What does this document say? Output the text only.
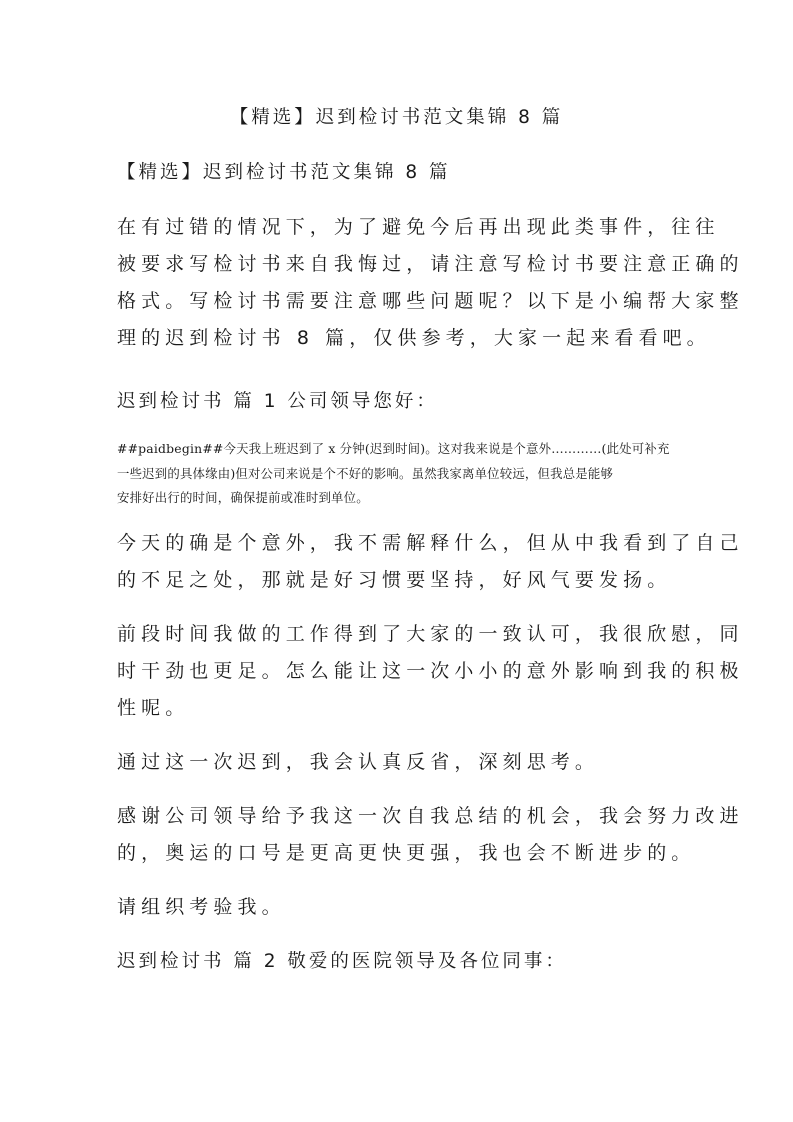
【精选】迟到检讨书范文集锦 8 篇
【精选】迟到检讨书范文集锦 8 篇
在有过错的情况下，为了避免今后再出现此类事件，往往
被要求写检讨书来自我悔过，请注意写检讨书要注意正确的
格式。写检讨书需要注意哪些问题呢？以下是小编帮大家整
理的迟到检讨书 8 篇，仅供参考，大家一起来看看吧。
迟到检讨书 篇 1 公司领导您好：
##paidbegin##今天我上班迟到了 x 分钟(迟到时间)。这对我来说是个意外…………(此处可补充
一些迟到的具体缘由)但对公司来说是个不好的影响。虽然我家离单位较远，但我总是能够
安排好出行的时间，确保提前或准时到单位。
今天的确是个意外，我不需解释什么，但从中我看到了自己
的不足之处，那就是好习惯要坚持，好风气要发扬。
前段时间我做的工作得到了大家的一致认可，我很欣慰，同
时干劲也更足。怎么能让这一次小小的意外影响到我的积极
性呢。
通过这一次迟到，我会认真反省，深刻思考。
感谢公司领导给予我这一次自我总结的机会，我会努力改进
的，奥运的口号是更高更快更强，我也会不断进步的。
请组织考验我。
迟到检讨书 篇 2 敬爱的医院领导及各位同事：
